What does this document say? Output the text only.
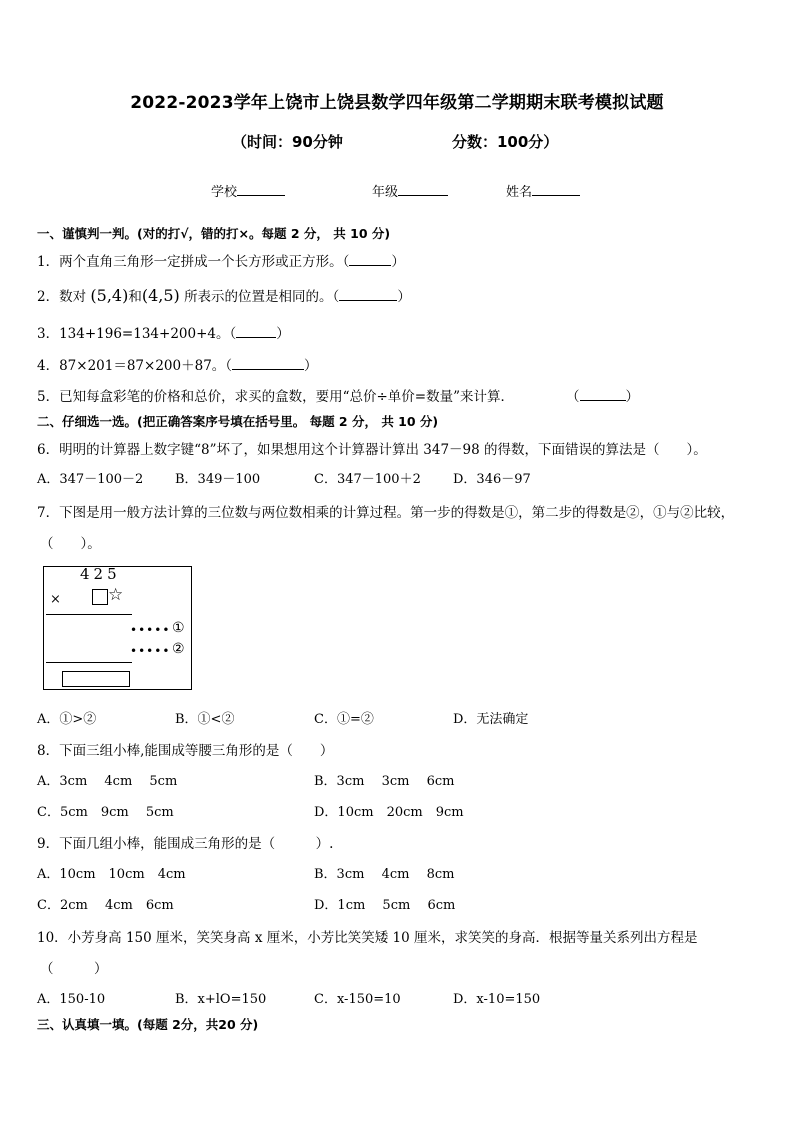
2022-2023学年上饶市上饶县数学四年级第二学期期末联考模拟试题
（时间：90分钟	分数：100分）
学校	年级	姓名
一、谨慎判一判。(对的打√，错的打×。每题 2 分， 共 10 分)
1．两个直角三角形一定拼成一个长方形或正方形。（	）
2．数对 (5,4)和(4,5) 所表示的位置是相同的。（	）
3．134+196=134+200+4。（	）
4．87×201＝87×200＋87。（	）
5．已知每盒彩笔的价格和总价，求买的盒数，要用“总价÷单价=数量”来计算．	（	）
二、仔细选一选。(把正确答案序号填在括号里。 每题 2 分， 共 10 分)
6．明明的计算器上数字键“8”坏了，如果想用这个计算器计算出 347－98 的得数，下面错误的算法是（　　）。
A．347－100－2 B．349－100	C．347－100＋2 D．346－97
7．下图是用一般方法计算的三位数与两位数相乘的计算过程。第一步的得数是①，第二步的得数是②，①与②比较，
（　　）。
425
×	☆
••••• ①
••••• ②
A．①>②	B．①<②	C．①=②	D．无法确定
8．下面三组小棒,能围成等腰三角形的是（　　）
A．3cm　 4cm　 5cm	B．3cm　 3cm　 6cm
C．5cm　9cm　 5cm	D．10cm　20cm　9cm
9．下面几组小棒，能围成三角形的是（　　　）.
A．10cm　10cm　4cm	B．3cm　 4cm　 8cm
C．2cm　 4cm　6cm	D．1cm　 5cm　 6cm
10．小芳身高 150 厘米，笑笑身高 x 厘米，小芳比笑笑矮 10 厘米，求笑笑的身高．根据等量关系列出方程是
（　　　）
A．150-10	B．x+lO=150	C．x-150=10	D．x-10=150
三、认真填一填。(每题 2分，共20 分)
